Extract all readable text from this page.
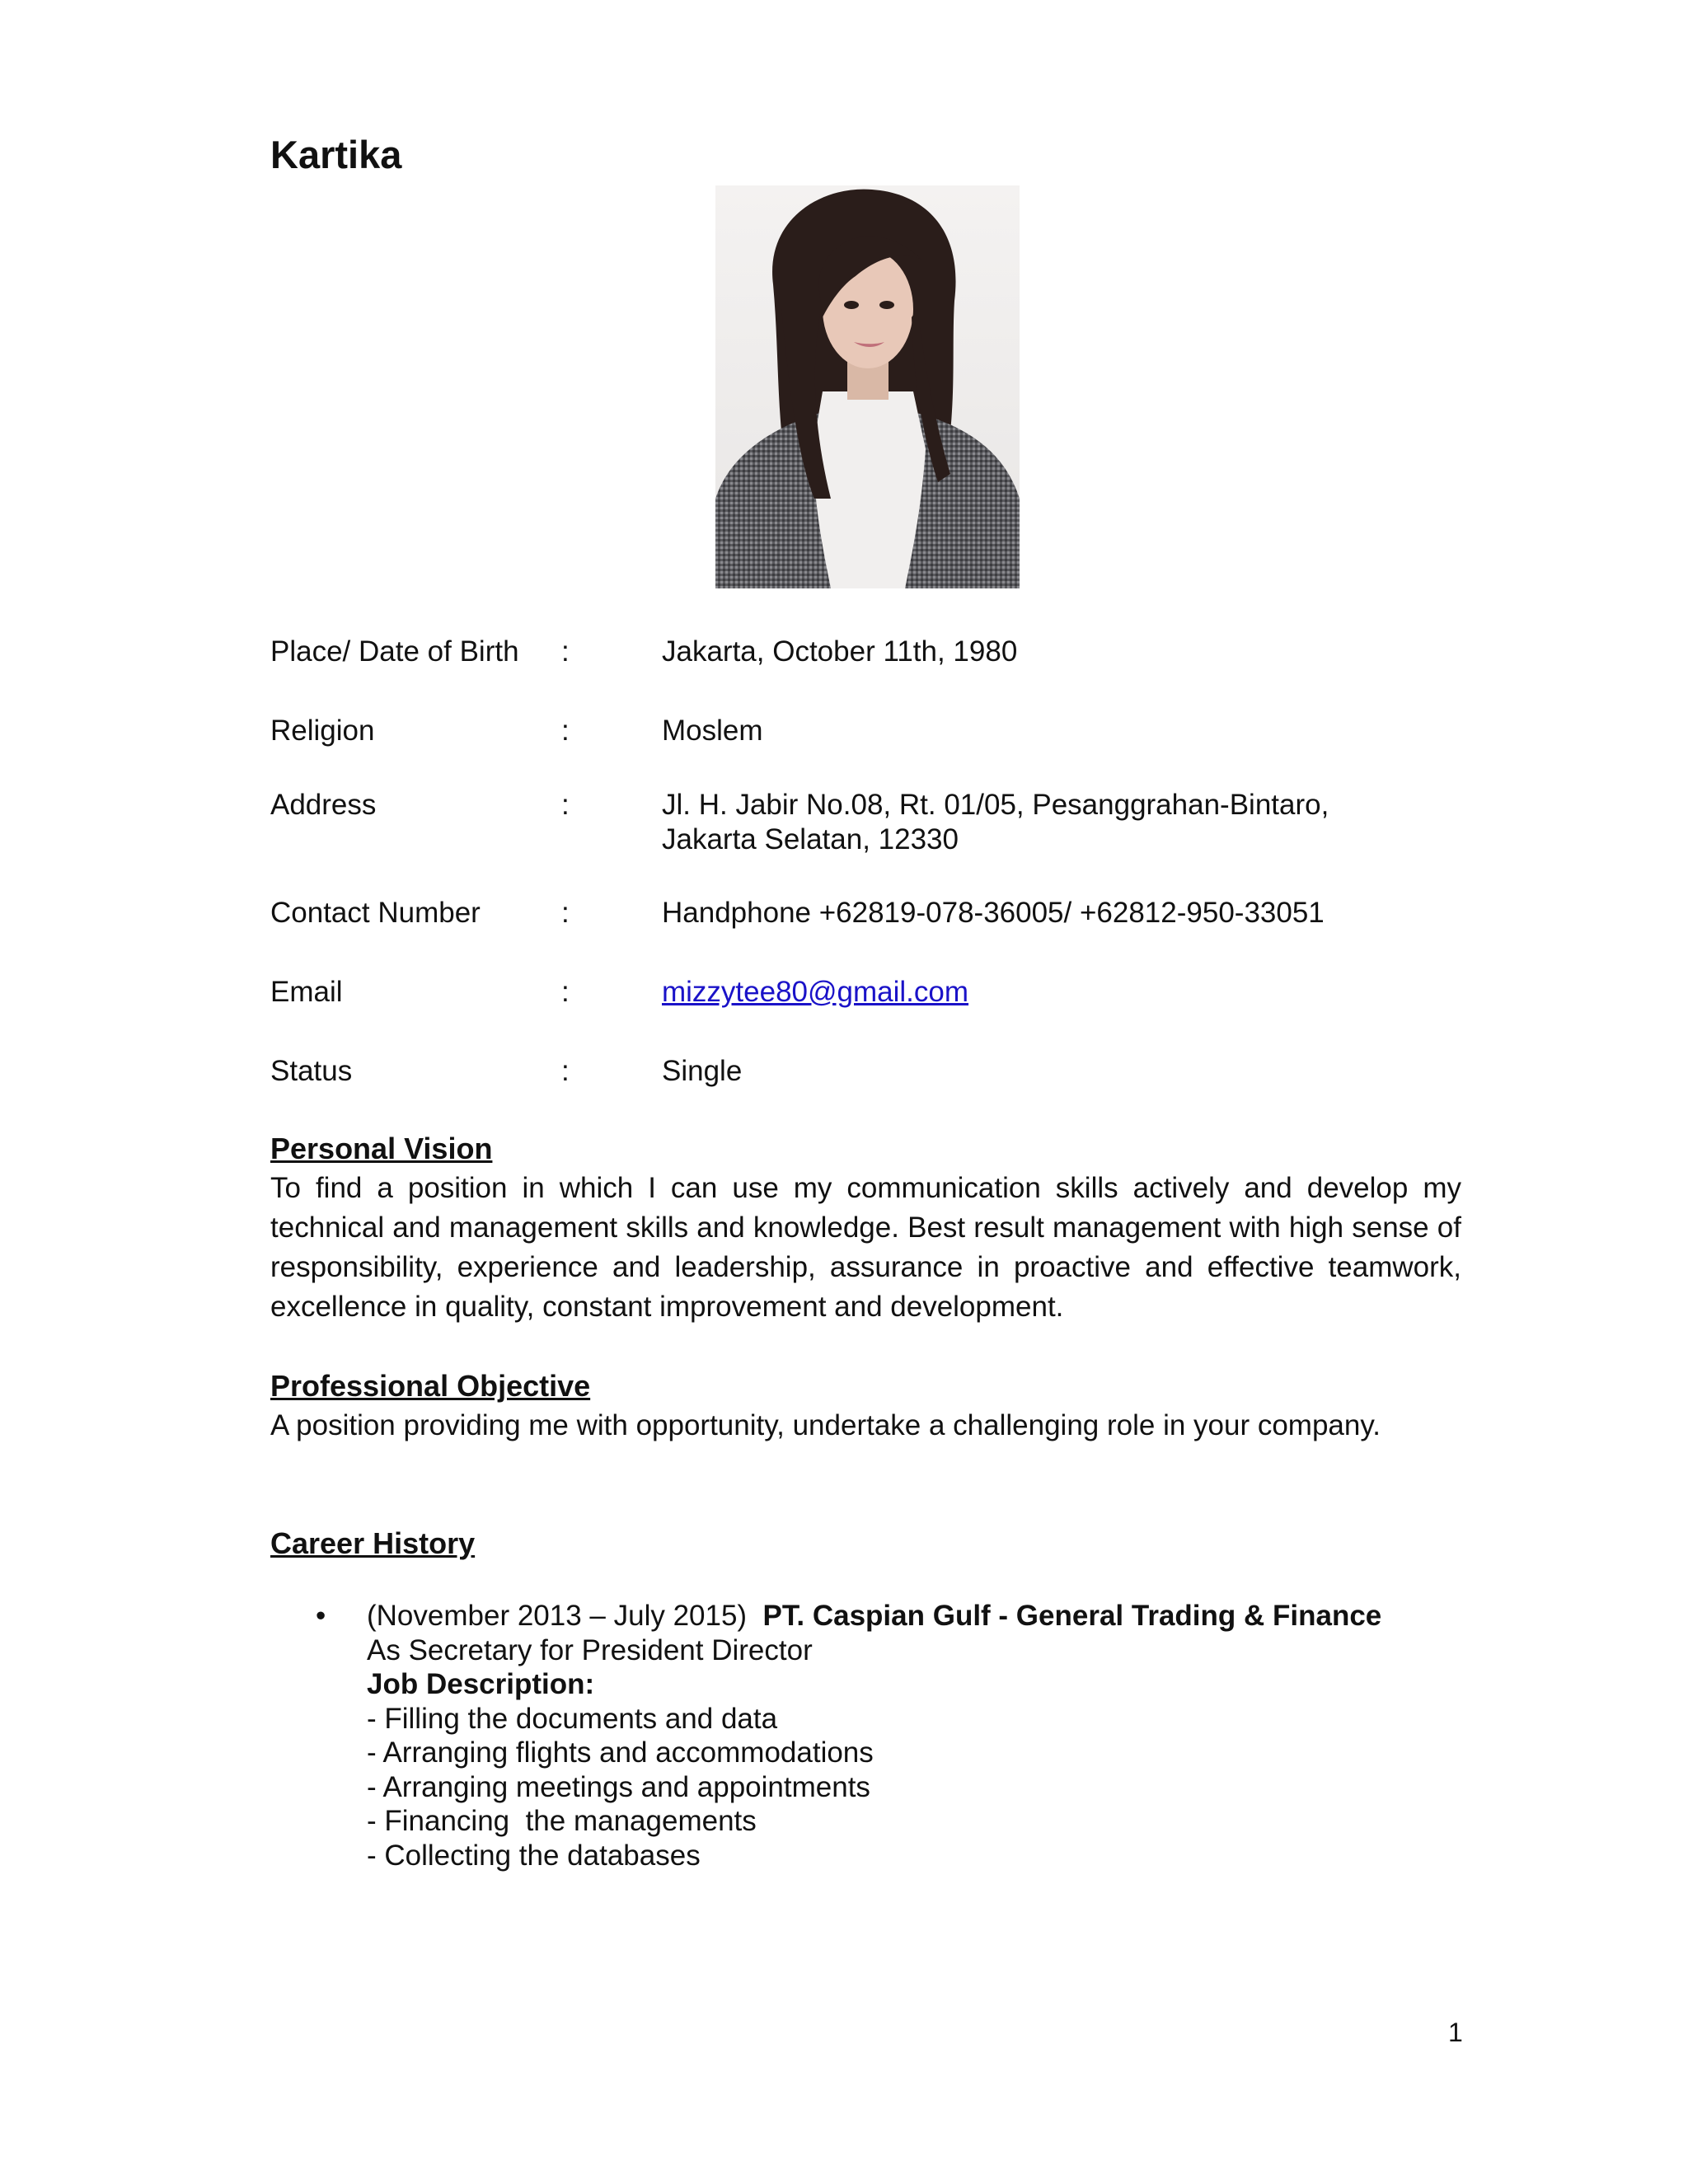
Kartika
Place/ Date of Birth :	Jakarta, October 11th, 1980
Religion	:	Moslem
Address	:	Jl. H. Jabir No.08, Rt. 01/05, Pesanggrahan-Bintaro,
Jakarta Selatan, 12330
Contact Number	:	Handphone +62819-078-36005/ +62812-950-33051
Email	:	mizzytee80@gmail.com
Status	:	Single
Personal Vision

To find a position in which I can use my communication skills actively and develop my technical and management skills and knowledge. Best result management with high sense of responsibility, experience and leadership, assurance in proactive and effective teamwork, excellence in quality, constant improvement and development.

Professional Objective

A position providing me with opportunity, undertake a challenging role in your company.

Career History
• (November 2013 – July 2015) PT. Caspian Gulf - General Trading & Finance
As Secretary for President Director
Job Description:
- Filling the documents and data
- Arranging flights and accommodations
- Arranging meetings and appointments
- Financing  the managements
- Collecting the databases
1
